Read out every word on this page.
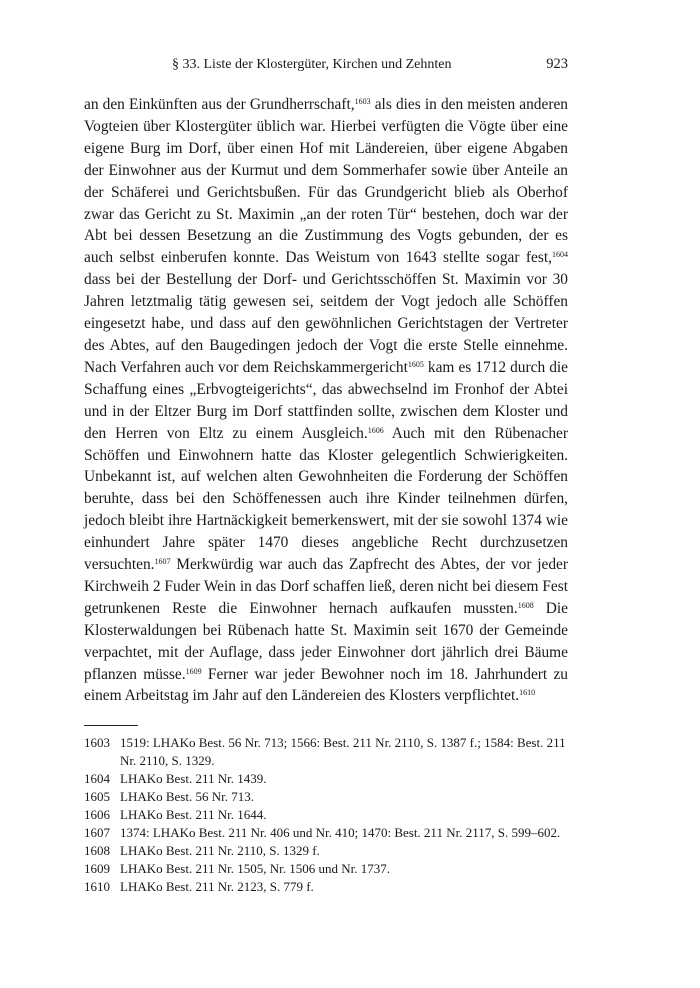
§ 33. Liste der Klostergüter, Kirchen und Zehnten	923

an den Einkünften aus der Grundherrschaft,$^{1603}$ als dies in den meisten anderen Vogteien über Klostergüter üblich war. Hierbei verfügten die Vögte über eine eigene Burg im Dorf, über einen Hof mit Ländereien, über eigene Abgaben der Einwohner aus der Kurmut und dem Sommerhafer sowie über Anteile an der Schäferei und Gerichtsbußen. Für das Grundgericht blieb als Oberhof zwar das Gericht zu St. Maximin „an der roten Tür“ bestehen, doch war der Abt bei dessen Besetzung an die Zustimmung des Vogts gebunden, der es auch selbst einberufen konnte. Das Weistum von 1643 stellte sogar fest,$^{1604}$ dass bei der Bestellung der Dorf- und Gerichtsschöffen St. Maximin vor 30 Jahren letztmalig tätig gewesen sei, seitdem der Vogt jedoch alle Schöffen eingesetzt habe, und dass auf den gewöhnlichen Gerichtstagen der Vertreter des Abtes, auf den Baugedingen jedoch der Vogt die erste Stelle einnehme. Nach Verfahren auch vor dem Reichskammergericht$^{1605}$ kam es 1712 durch die Schaffung eines „Erbvogteigerichts“, das abwechselnd im Fronhof der Abtei und in der Eltzer Burg im Dorf stattfinden sollte, zwischen dem Kloster und den Herren von Eltz zu einem Ausgleich.$^{1606}$ Auch mit den Rübenacher Schöffen und Einwohnern hatte das Kloster gelegentlich Schwierigkeiten. Unbekannt ist, auf welchen alten Gewohnheiten die Forderung der Schöffen beruhte, dass bei den Schöffenessen auch ihre Kinder teilnehmen dürfen, jedoch bleibt ihre Hartnäckigkeit bemerkenswert, mit der sie sowohl 1374 wie einhundert Jahre später 1470 dieses angebliche Recht durchzusetzen versuchten.$^{1607}$ Merkwürdig war auch das Zapfrecht des Abtes, der vor jeder Kirchweih 2 Fuder Wein in das Dorf schaffen ließ, deren nicht bei diesem Fest getrunkenen Reste die Einwohner hernach aufkaufen mussten.$^{1608}$ Die Klosterwaldungen bei Rübenach hatte St. Maximin seit 1670 der Gemeinde verpachtet, mit der Auflage, dass jeder Einwohner dort jährlich drei Bäume pflanzen müsse.$^{1609}$ Ferner war jeder Bewohner noch im 18. Jahrhundert zu einem Arbeitstag im Jahr auf den Ländereien des Klosters verpflichtet.$^{1610}$

1603 1519: LHAKo Best. 56 Nr. 713; 1566: Best. 211 Nr. 2110, S. 1387 f.; 1584: Best. 211 Nr. 2110, S. 1329.
1604 LHAKo Best. 211 Nr. 1439.
1605 LHAKo Best. 56 Nr. 713.
1606 LHAKo Best. 211 Nr. 1644.
1607 1374: LHAKo Best. 211 Nr. 406 und Nr. 410; 1470: Best. 211 Nr. 2117, S. 599–602.
1608 LHAKo Best. 211 Nr. 2110, S. 1329 f.
1609 LHAKo Best. 211 Nr. 1505, Nr. 1506 und Nr. 1737.
1610 LHAKo Best. 211 Nr. 2123, S. 779 f.
